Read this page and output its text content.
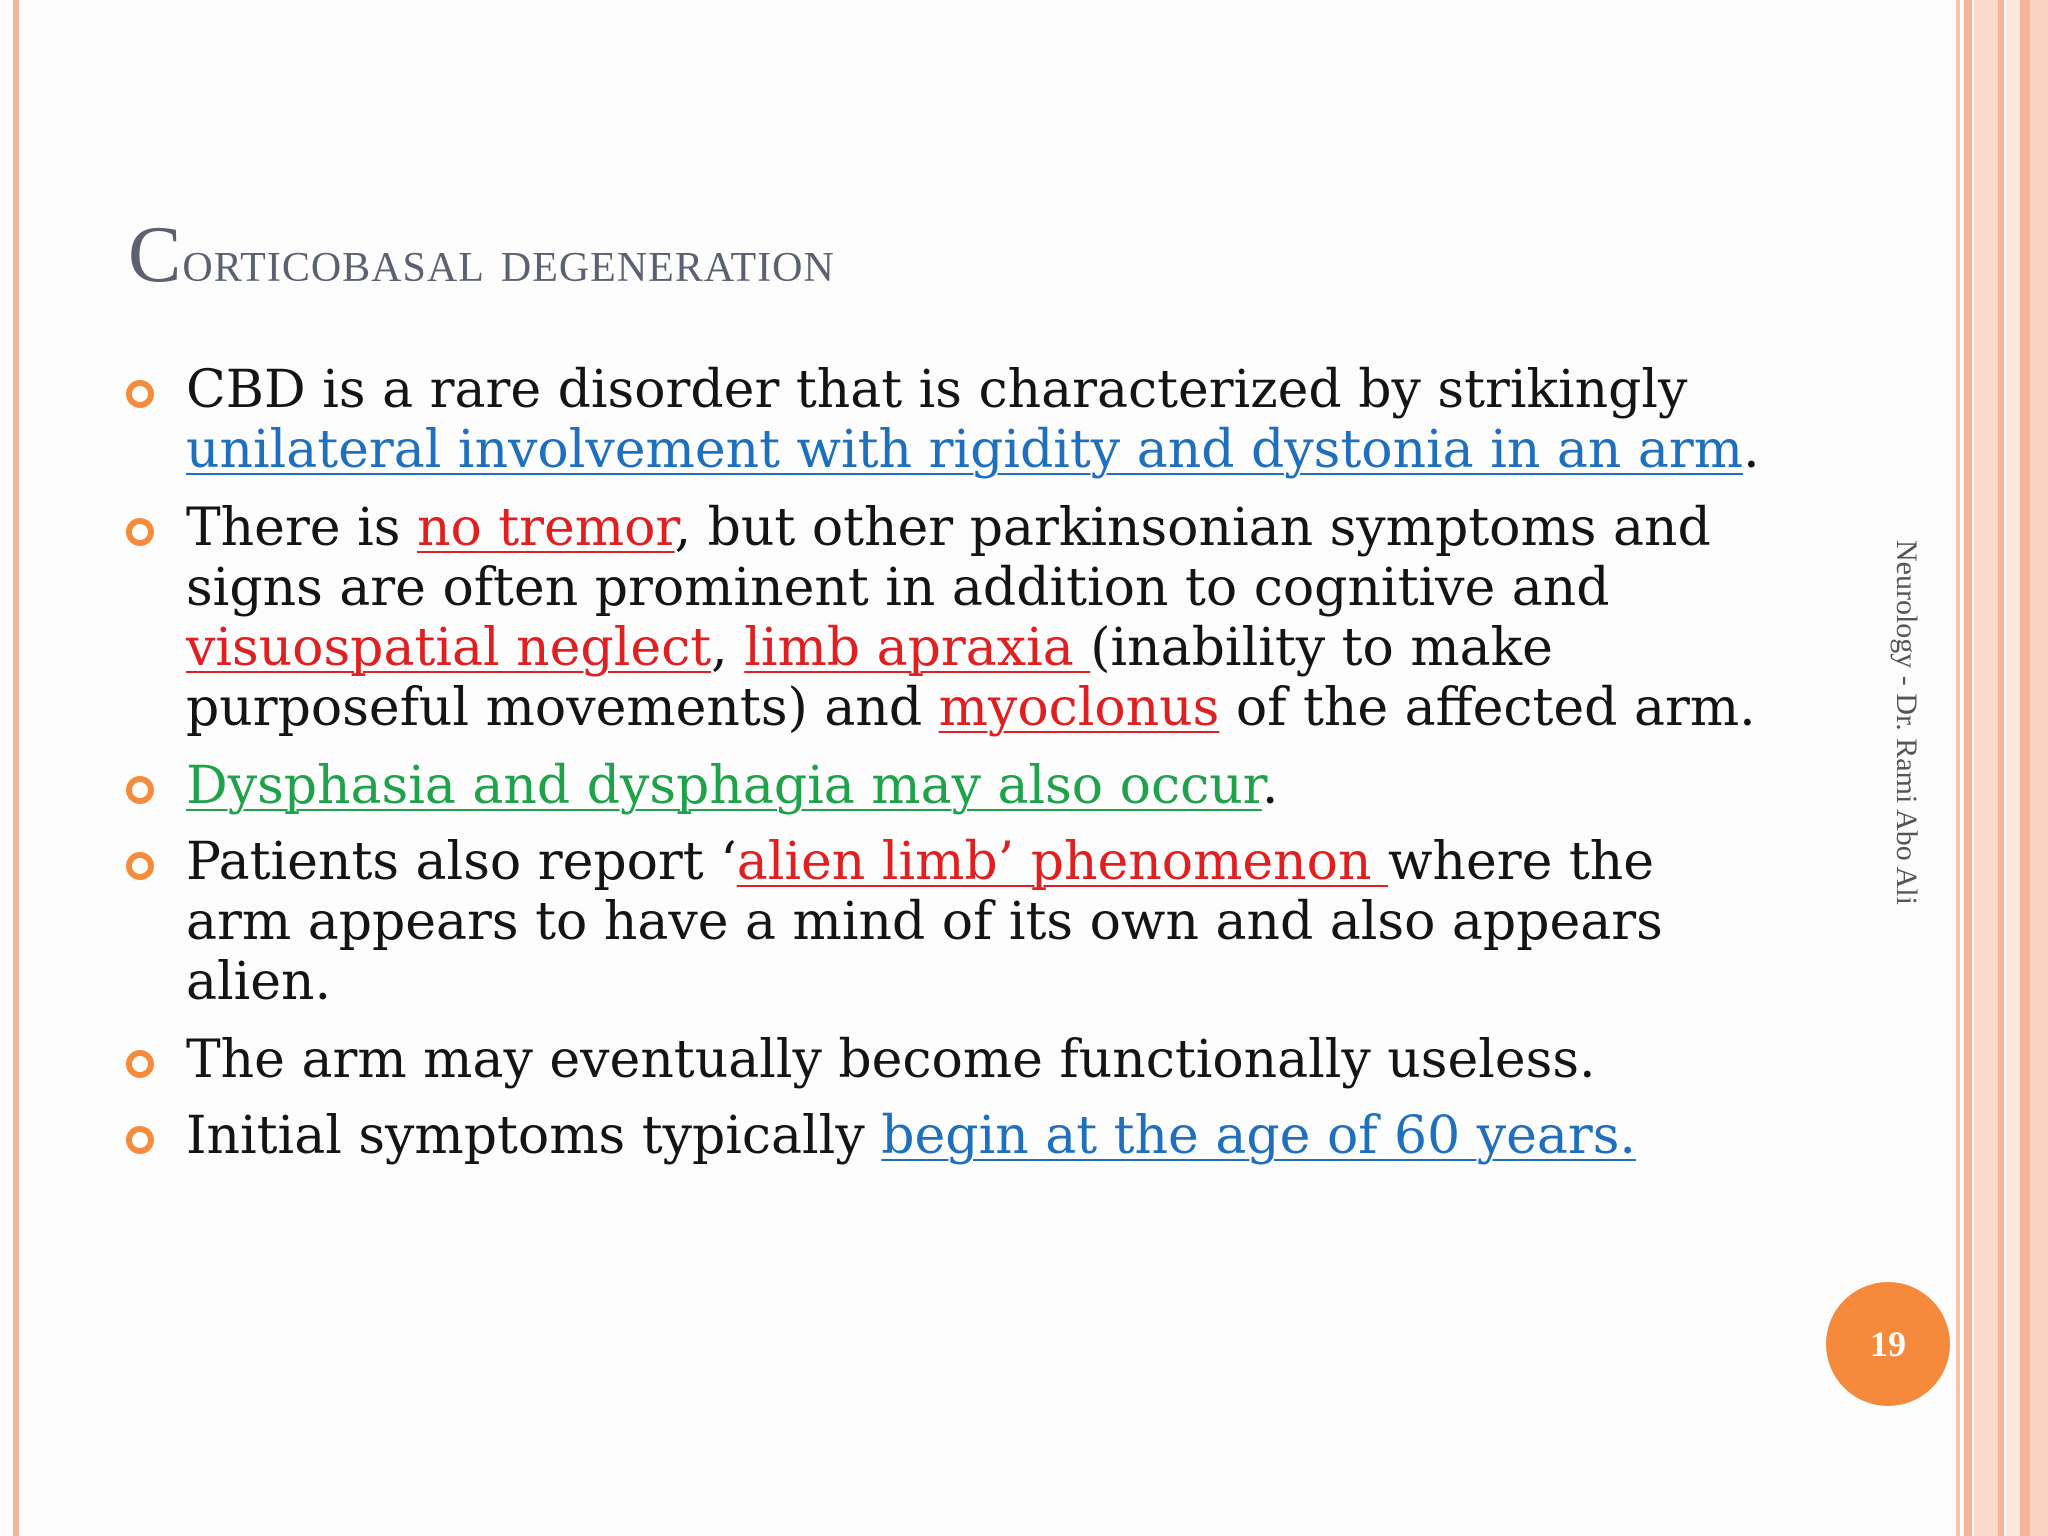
Corticobasal degeneration
CBD is a rare disorder that is characterized by strikingly unilateral involvement with rigidity and dystonia in an arm.
There is no tremor, but other parkinsonian symptoms and signs are often prominent in addition to cognitive and visuospatial neglect, limb apraxia (inability to make purposeful movements) and myoclonus of the affected arm.
Dysphasia and dysphagia may also occur.
Patients also report ‘alien limb’ phenomenon where the arm appears to have a mind of its own and also appears alien.
The arm may eventually become functionally useless.
Initial symptoms typically begin at the age of 60 years.
Neurology - Dr. Rami Abo Ali
19
